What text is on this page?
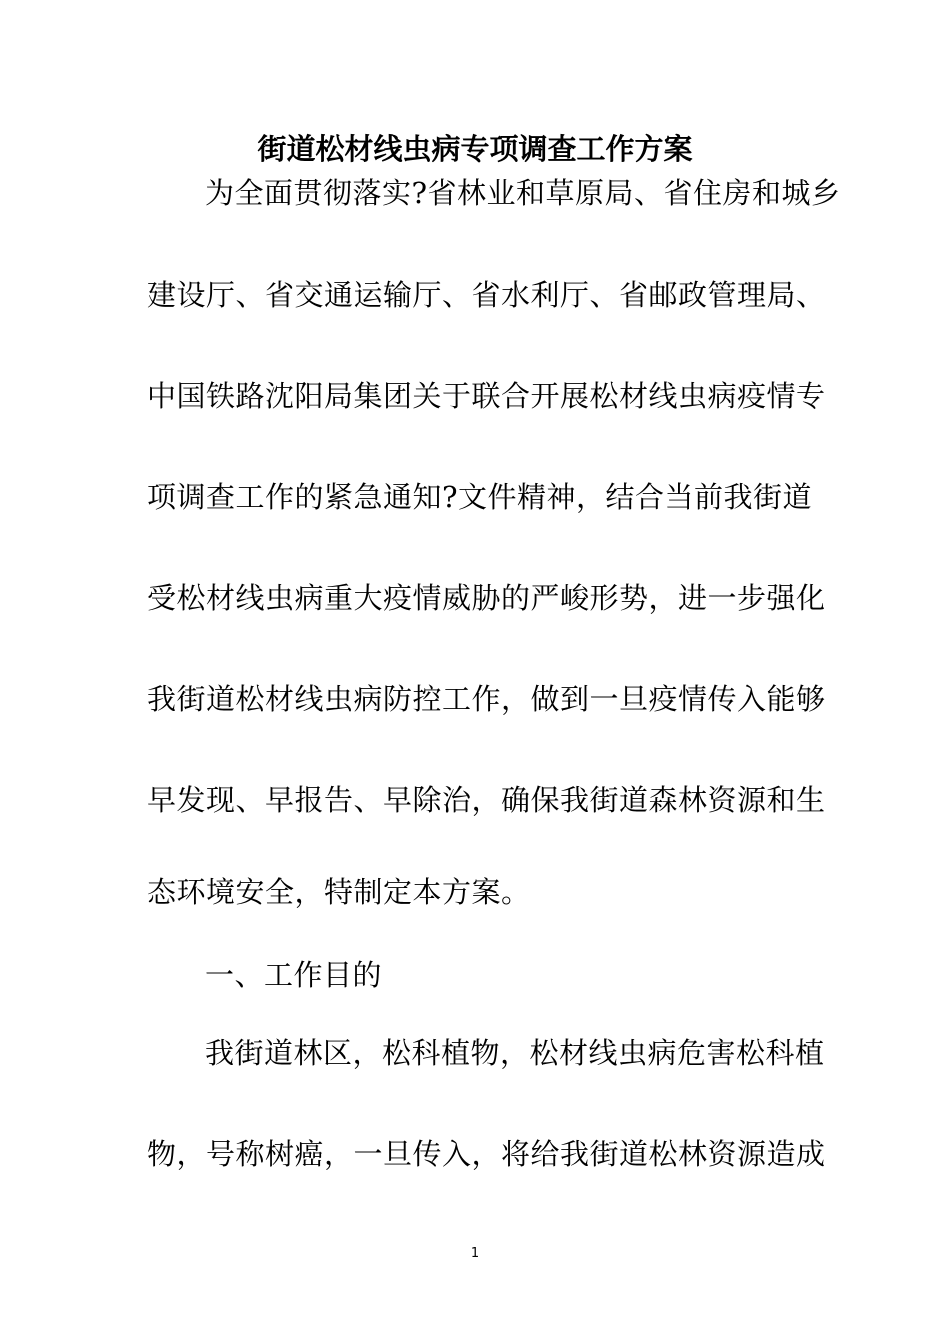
街道松材线虫病专项调查工作方案
为全面贯彻落实?省林业和草原局、省住房和城乡
建设厅、省交通运输厅、省水利厅、省邮政管理局、
中国铁路沈阳局集团关于联合开展松材线虫病疫情专
项调查工作的紧急通知?文件精神，结合当前我街道
受松材线虫病重大疫情威胁的严峻形势，进一步强化
我街道松材线虫病防控工作，做到一旦疫情传入能够
早发现、早报告、早除治，确保我街道森林资源和生
态环境安全，特制定本方案。
一、工作目的
我街道林区，松科植物，松材线虫病危害松科植
物，号称树癌，一旦传入，将给我街道松林资源造成
1
